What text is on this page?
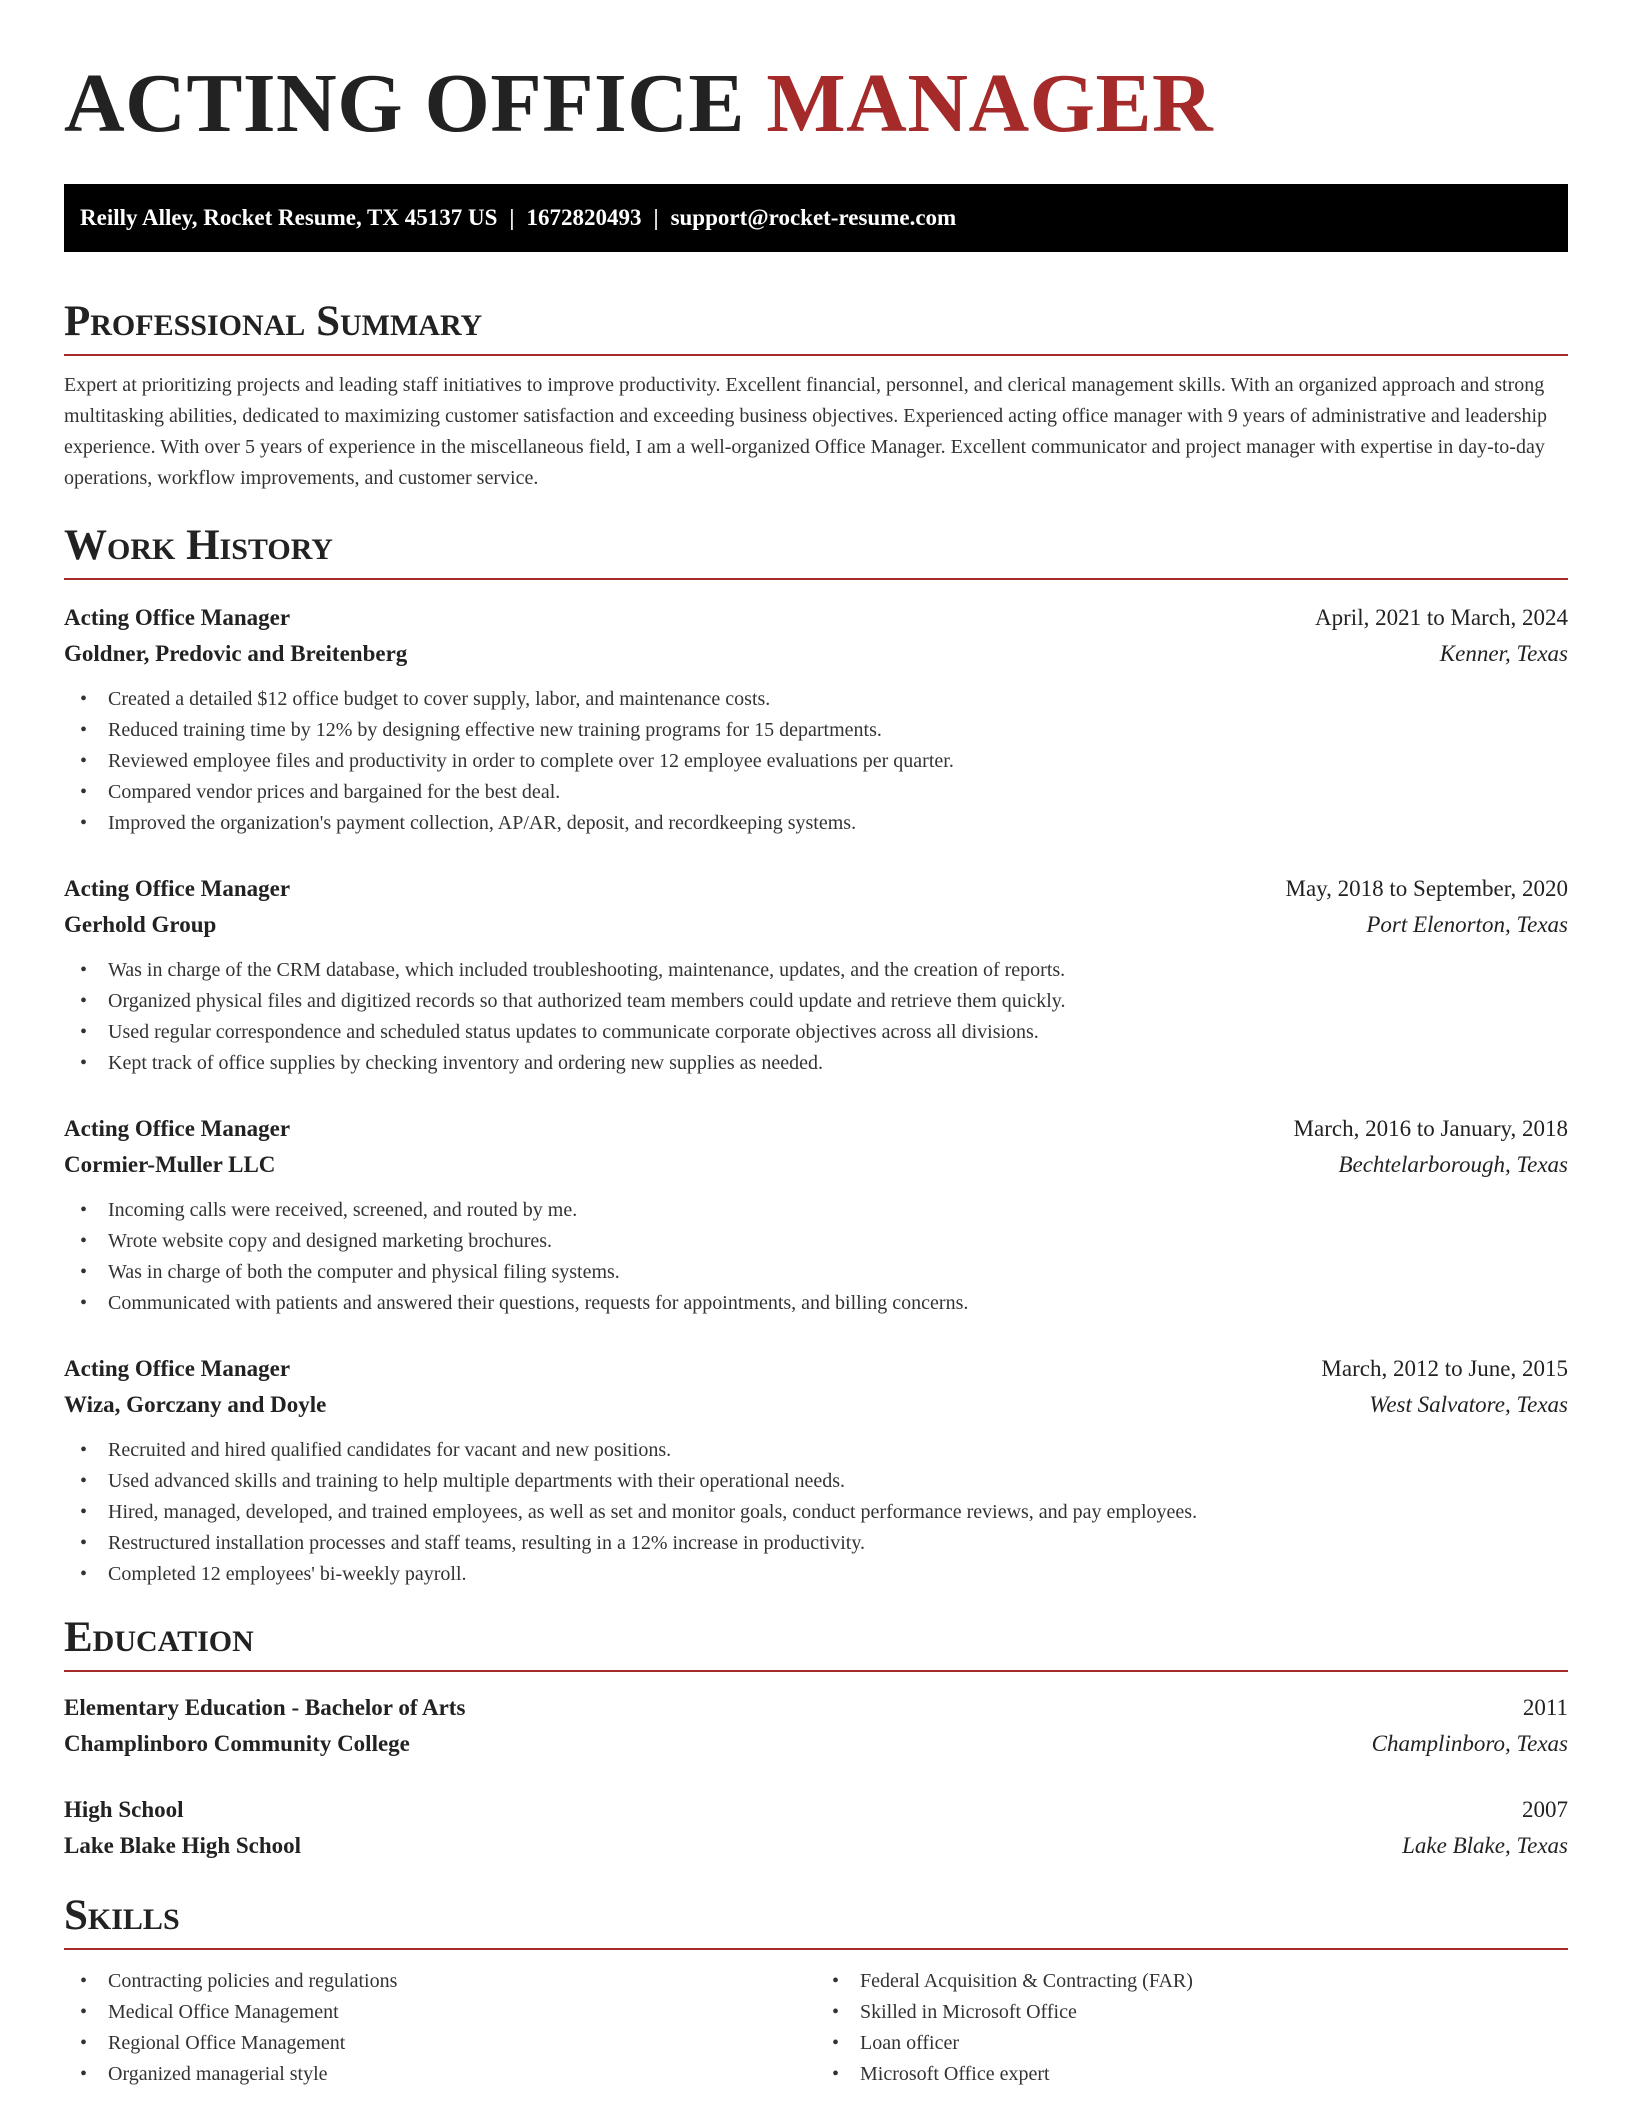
ACTING OFFICE MANAGER
Reilly Alley, Rocket Resume, TX 45137 US | 1672820493 | support@rocket-resume.com
Professional Summary

Expert at prioritizing projects and leading staff initiatives to improve productivity. Excellent financial, personnel, and clerical management skills. With an organized approach and strong multitasking abilities, dedicated to maximizing customer satisfaction and exceeding business objectives. Experienced acting office manager with 9 years of administrative and leadership experience. With over 5 years of experience in the miscellaneous field, I am a well-organized Office Manager. Excellent communicator and project manager with expertise in day-to-day operations, workflow improvements, and customer service.

Work History
Acting Office Manager	April, 2021 to March, 2024
Goldner, Predovic and Breitenberg	Kenner, Texas
• Created a detailed $12 office budget to cover supply, labor, and maintenance costs.
• Reduced training time by 12% by designing effective new training programs for 15 departments.
• Reviewed employee files and productivity in order to complete over 12 employee evaluations per quarter.
• Compared vendor prices and bargained for the best deal.
• Improved the organization's payment collection, AP/AR, deposit, and recordkeeping systems.
Acting Office Manager	May, 2018 to September, 2020
Gerhold Group	Port Elenorton, Texas
• Was in charge of the CRM database, which included troubleshooting, maintenance, updates, and the creation of reports.
• Organized physical files and digitized records so that authorized team members could update and retrieve them quickly.
• Used regular correspondence and scheduled status updates to communicate corporate objectives across all divisions.
• Kept track of office supplies by checking inventory and ordering new supplies as needed.
Acting Office Manager	March, 2016 to January, 2018
Cormier-Muller LLC	Bechtelarborough, Texas
• Incoming calls were received, screened, and routed by me.
• Wrote website copy and designed marketing brochures.
• Was in charge of both the computer and physical filing systems.
• Communicated with patients and answered their questions, requests for appointments, and billing concerns.
Acting Office Manager	March, 2012 to June, 2015
Wiza, Gorczany and Doyle	West Salvatore, Texas
• Recruited and hired qualified candidates for vacant and new positions.
• Used advanced skills and training to help multiple departments with their operational needs.
• Hired, managed, developed, and trained employees, as well as set and monitor goals, conduct performance reviews, and pay employees.
• Restructured installation processes and staff teams, resulting in a 12% increase in productivity.
• Completed 12 employees' bi-weekly payroll.
Education
Elementary Education - Bachelor of Arts	2011
Champlinboro Community College	Champlinboro, Texas
High School	2007
Lake Blake High School	Lake Blake, Texas
Skills
• Contracting policies and regulations
• Medical Office Management
• Regional Office Management
• Organized managerial style
• Federal Acquisition & Contracting (FAR)
• Skilled in Microsoft Office
• Loan officer
• Microsoft Office expert
